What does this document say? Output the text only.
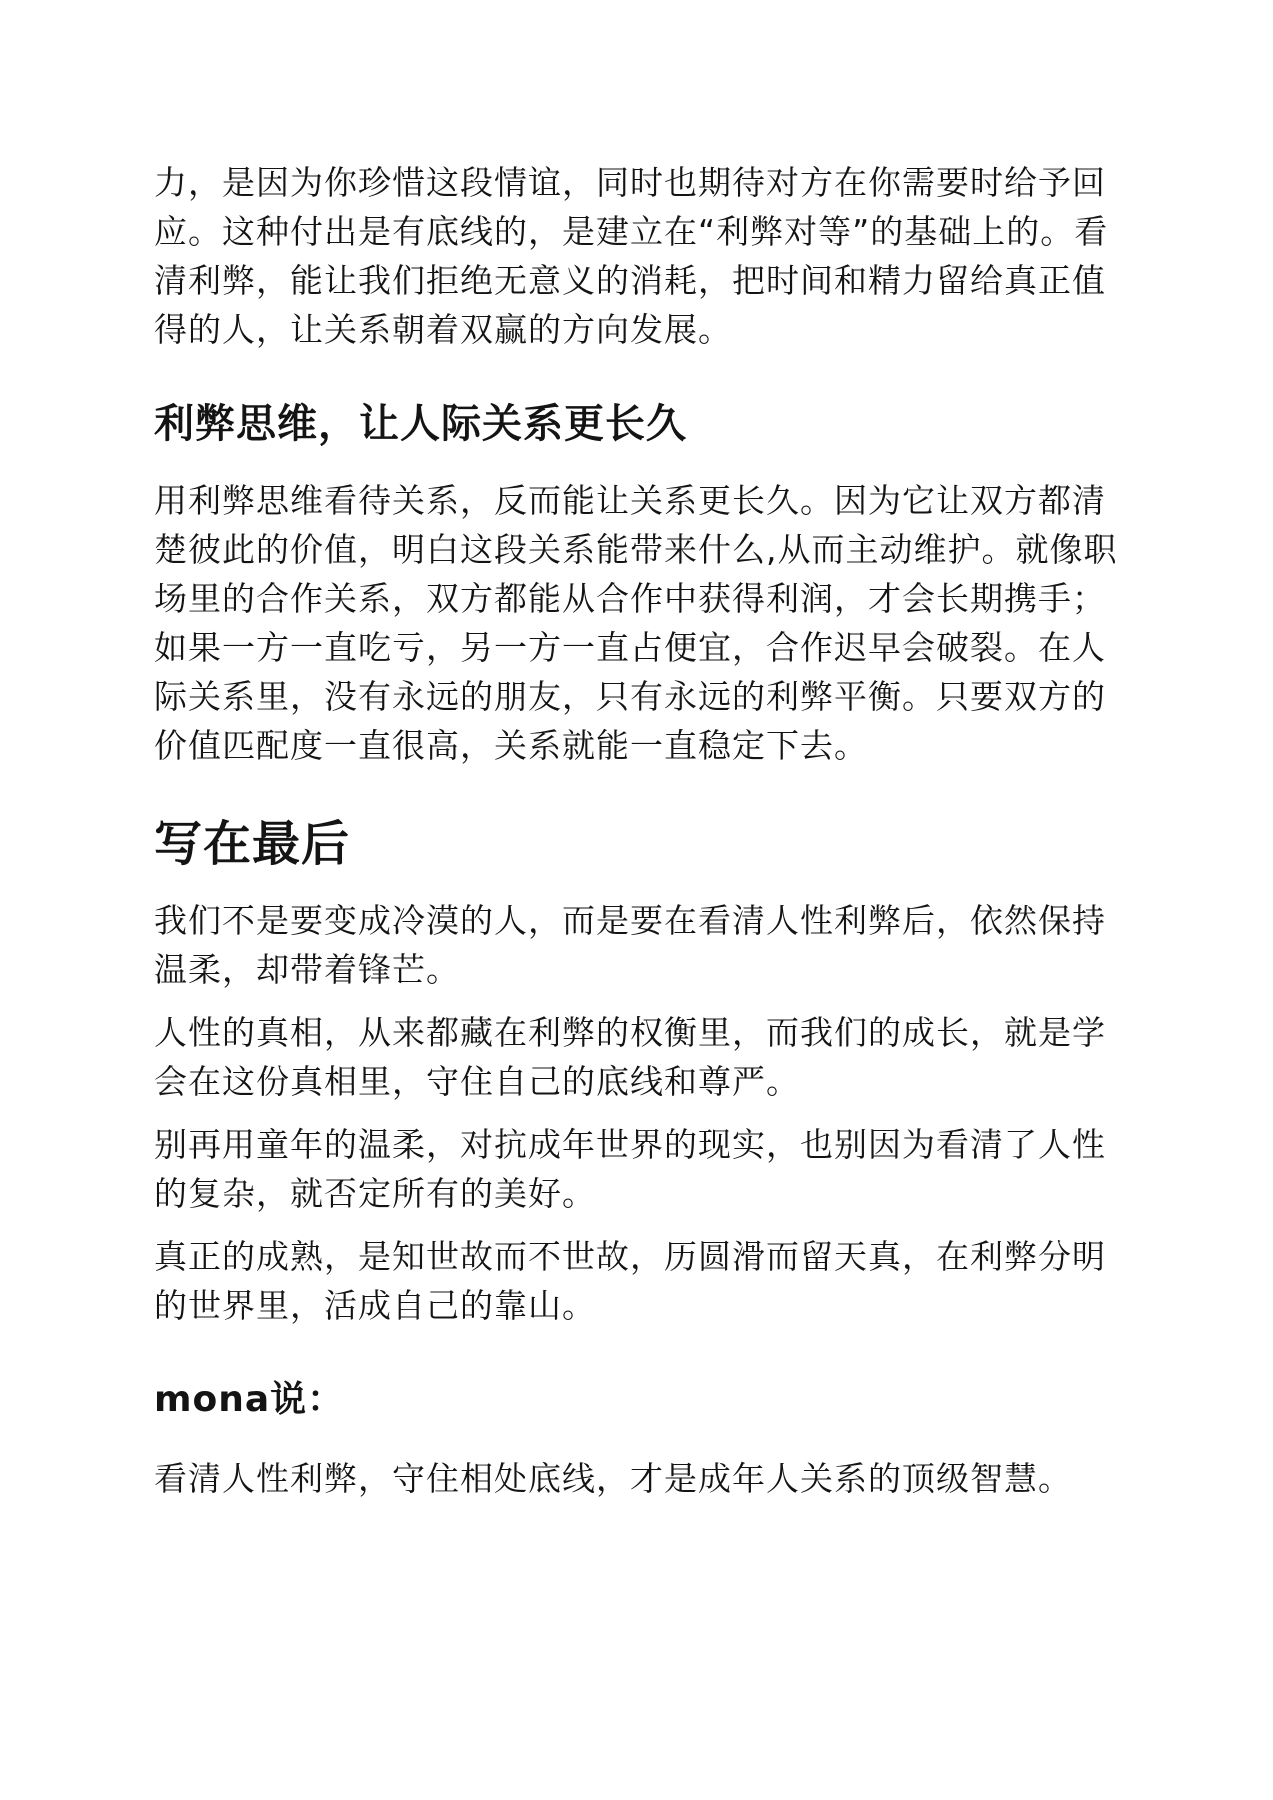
力，是因为你珍惜这段情谊，同时也期待对方在你需要时给予回应。这种付出是有底线的，是建立在“利弊对等”的基础上的。看清利弊，能让我们拒绝无意义的消耗，把时间和精力留给真正值得的人，让关系朝着双赢的方向发展。

利弊思维，让人际关系更长久

用利弊思维看待关系，反而能让关系更长久。因为它让双方都清楚彼此的价值，明白这段关系能带来什么,从而主动维护。就像职场里的合作关系，双方都能从合作中获得利润，才会长期携手；如果一方一直吃亏，另一方一直占便宜，合作迟早会破裂。在人际关系里，没有永远的朋友，只有永远的利弊平衡。只要双方的价值匹配度一直很高，关系就能一直稳定下去。

写在最后

我们不是要变成冷漠的人，而是要在看清人性利弊后，依然保持温柔，却带着锋芒。

人性的真相，从来都藏在利弊的权衡里，而我们的成长，就是学会在这份真相里，守住自己的底线和尊严。

别再用童年的温柔，对抗成年世界的现实，也别因为看清了人性的复杂，就否定所有的美好。

真正的成熟，是知世故而不世故，历圆滑而留天真，在利弊分明的世界里，活成自己的靠山。

mona说：

看清人性利弊，守住相处底线，才是成年人关系的顶级智慧。
